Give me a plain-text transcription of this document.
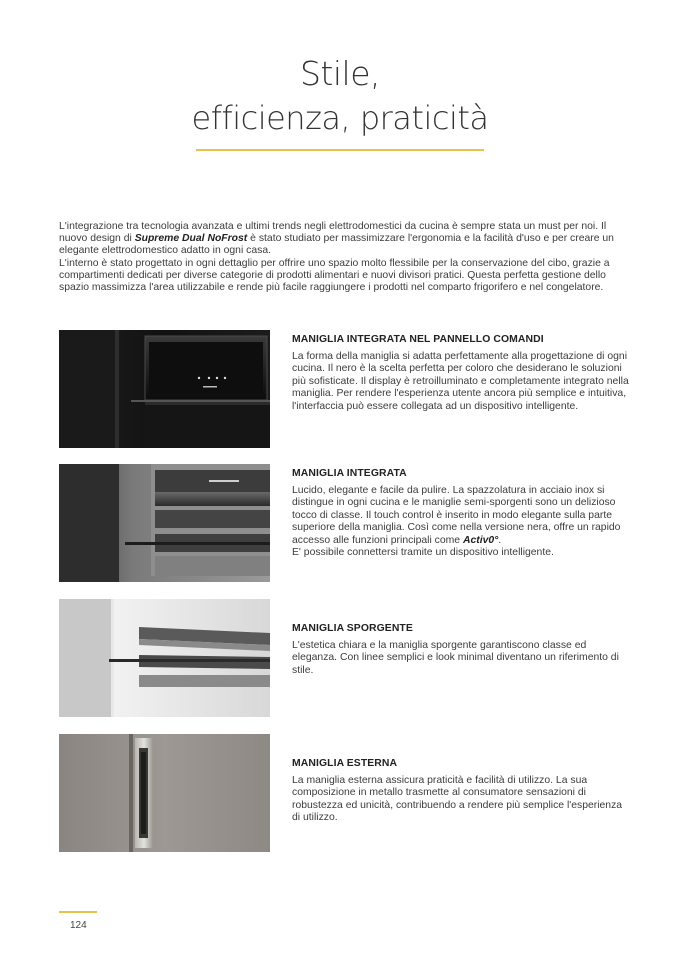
Stile,
efficienza, praticità

L'integrazione tra tecnologia avanzata e ultimi trends negli elettrodomestici da cucina è sempre stata un must per noi. Il nuovo design di Supreme Dual NoFrost è stato studiato per massimizzare l'ergonomia e la facilità d'uso e per creare un elegante elettrodomestico adatto in ogni casa.

L'interno è stato progettato in ogni dettaglio per offrire uno spazio molto flessibile per la conservazione del cibo, grazie a compartimenti dedicati per diverse categorie di prodotti alimentari e nuovi divisori pratici. Questa perfetta gestione dello spazio massimizza l'area utilizzabile e rende più facile raggiungere i prodotti nel comparto frigorifero e nel congelatore.

MANIGLIA INTEGRATA NEL PANNELLO COMANDI

La forma della maniglia si adatta perfettamente alla progettazione di ogni cucina. Il nero è la scelta perfetta per coloro che desiderano le soluzioni più sofisticate. Il display è retroilluminato e completamente integrato nella maniglia. Per rendere l'esperienza utente ancora più semplice e intuitiva, l'interfaccia può essere collegata ad un dispositivo intelligente.

MANIGLIA INTEGRATA

Lucido, elegante e facile da pulire. La spazzolatura in acciaio inox si distingue in ogni cucina e le maniglie semi-sporgenti sono un delizioso tocco di classe. Il touch control è inserito in modo elegante sulla parte superiore della maniglia. Così come nella versione nera, offre un rapido accesso alle funzioni principali come Activ0°.
E' possibile connettersi tramite un dispositivo intelligente.

MANIGLIA SPORGENTE

L'estetica chiara e la maniglia sporgente garantiscono classe ed eleganza. Con linee semplici e look minimal diventano un riferimento di stile.

MANIGLIA ESTERNA

La maniglia esterna assicura praticità e facilità di utilizzo. La sua composizione in metallo trasmette al consumatore sensazioni di robustezza ed unicità, contribuendo a rendere più semplice l'esperienza di utilizzo.

124
